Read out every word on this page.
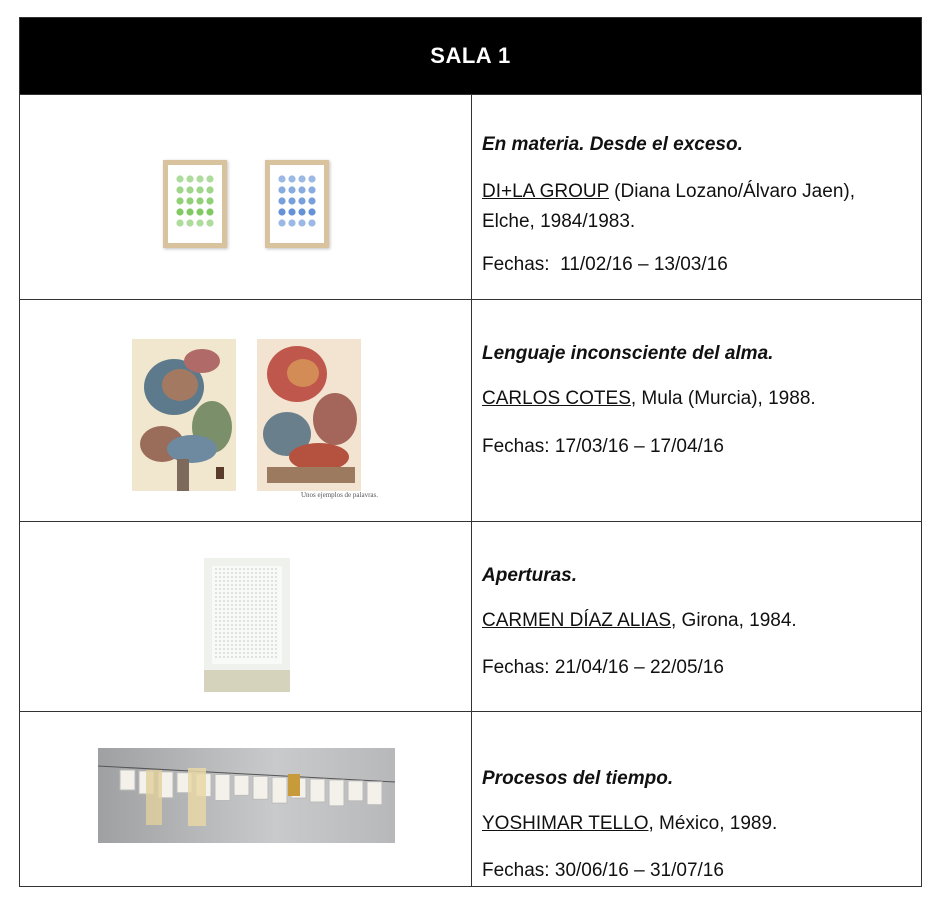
SALA 1
En materia. Desde el exceso.
DI+LA GROUP (Diana Lozano/Álvaro Jaen), Elche, 1984/1983.
Fechas: 11/02/16 – 13/03/16
Unos ejemplos de palavras.
Lenguaje inconsciente del alma.
CARLOS COTES, Mula (Murcia), 1988.
Fechas: 17/03/16 – 17/04/16
Aperturas.
CARMEN DÍAZ ALIAS, Girona, 1984.
Fechas: 21/04/16 – 22/05/16
Procesos del tiempo.
YOSHIMAR TELLO, México, 1989.
Fechas: 30/06/16 – 31/07/16
